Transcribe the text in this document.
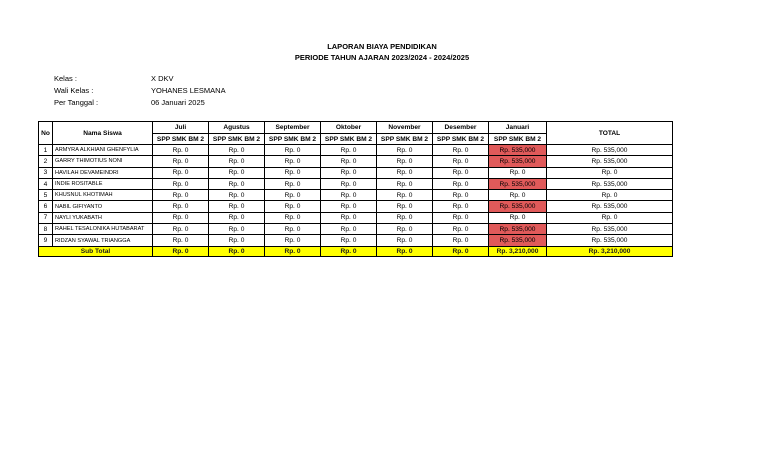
LAPORAN BIAYA PENDIDIKAN
PERIODE TAHUN AJARAN 2023/2024 - 2024/2025
Kelas :	X DKV
Wali Kelas :	YOHANES LESMANA
Per Tanggal :	06 Januari 2025
No	Nama Siswa	Juli	Agustus	September	Oktober	November	Desember	Januari	TOTAL
		SPP SMK BM 2	SPP SMK BM 2	SPP SMK BM 2	SPP SMK BM 2	SPP SMK BM 2	SPP SMK BM 2	SPP SMK BM 2	
1	ARMYRA ALKHIANI GHENFYLIA	Rp. 0	Rp. 0	Rp. 0	Rp. 0	Rp. 0	Rp. 0	Rp. 535,000	Rp. 535,000
2	GARRY THIMOTIUS NONI	Rp. 0	Rp. 0	Rp. 0	Rp. 0	Rp. 0	Rp. 0	Rp. 535,000	Rp. 535,000
3	HAVILAH DEVAMEINDRI	Rp. 0	Rp. 0	Rp. 0	Rp. 0	Rp. 0	Rp. 0	Rp. 0	Rp. 0
4	INDIE ROSITABLE	Rp. 0	Rp. 0	Rp. 0	Rp. 0	Rp. 0	Rp. 0	Rp. 535,000	Rp. 535,000
5	KHUSNUL KHOTIMAH	Rp. 0	Rp. 0	Rp. 0	Rp. 0	Rp. 0	Rp. 0	Rp. 0	Rp. 0
6	NABIL GIFIYANTO	Rp. 0	Rp. 0	Rp. 0	Rp. 0	Rp. 0	Rp. 0	Rp. 535,000	Rp. 535,000
7	NAYLI YUKABATH	Rp. 0	Rp. 0	Rp. 0	Rp. 0	Rp. 0	Rp. 0	Rp. 0	Rp. 0
8	RAHEL TESALONIKA HUTABARAT	Rp. 0	Rp. 0	Rp. 0	Rp. 0	Rp. 0	Rp. 0	Rp. 535,000	Rp. 535,000
9	RIDZAN SYAWAL TRIANGGA	Rp. 0	Rp. 0	Rp. 0	Rp. 0	Rp. 0	Rp. 0	Rp. 535,000	Rp. 535,000
Sub Total		Rp. 0	Rp. 0	Rp. 0	Rp. 0	Rp. 0	Rp. 0	Rp. 3,210,000	Rp. 3,210,000
